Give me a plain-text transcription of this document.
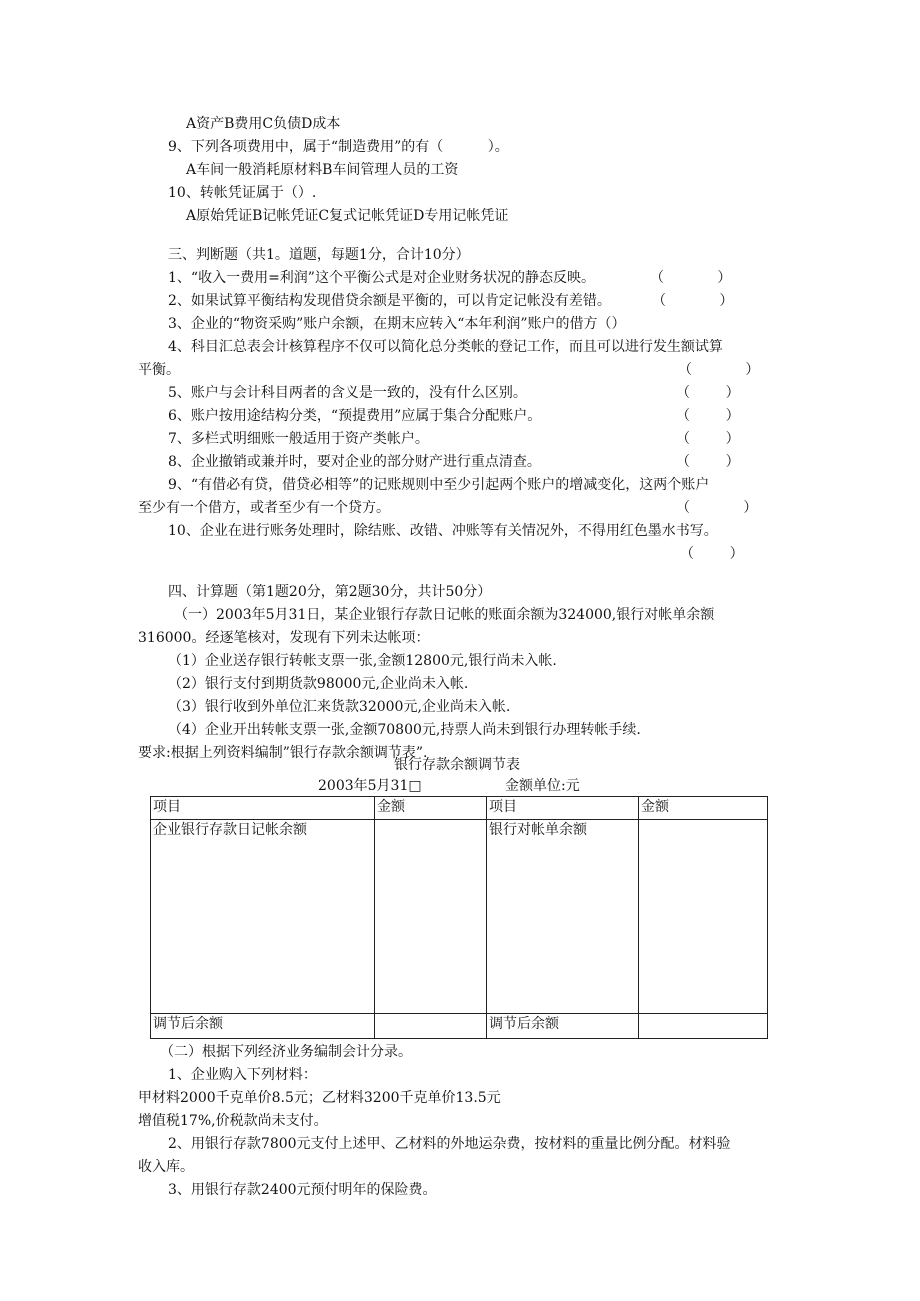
A资产B费用C负债D成本
9、下列各项费用中，属于“制造费用”的有（          ）。
A车间一般消耗原材料B车间管理人员的工资
10、转帐凭证属于（）.
A原始凭证B记帐凭证C复式记帐凭证D专用记帐凭证
三、判断题（共1。道题，每题1分，合计10分）
1、“收入一费用=利润”这个平衡公式是对企业财务状况的静态反映。	（            ）
2、如果试算平衡结构发现借贷余额是平衡的，可以肯定记帐没有差错。	（            ）
3、企业的“物资采购”账户余额，在期末应转入“本年利润”账户的借方（）
4、科目汇总表会计核算程序不仅可以简化总分类帐的登记工作，而且可以进行发生额试算
平衡。	（            ）
5、账户与会计科目两者的含义是一致的，没有什么区别。	（        ）
6、账户按用途结构分类，“预提费用”应属于集合分配账户。	（        ）
7、多栏式明细账一般适用于资产类帐户。	（        ）
8、企业撤销或兼并时，要对企业的部分财产进行重点清查。	（        ）
9、“有借必有贷，借贷必相等”的记账规则中至少引起两个账户的增减变化，这两个账户
至少有一个借方，或者至少有一个贷方。	（            ）
10、企业在进行账务处理时，除结账、改错、冲账等有关情况外，不得用红色墨水书写。
（        ）
四、计算题（第1题20分，第2题30分，共计50分）
（一）2003年5月31日，某企业银行存款日记帐的账面余额为324000,银行对帐单余额
316000。经逐笔核对，发现有下列未达帐项：
（1）企业送存银行转帐支票一张,金额12800元,银行尚未入帐.
（2）银行支付到期货款98000元,企业尚未入帐.
（3）银行收到外单位汇来货款32000元,企业尚未入帐.
（4）企业开出转帐支票一张,金额70800元,持票人尚未到银行办理转帐手续.
要求:根据上列资料编制”银行存款余额调节表”.
银行存款余额调节表
2003年5月31□	金额单位:元
项目	金额	项目	金额
企业银行存款日记帐余额		银行对帐单余额	
调节后余额		调节后余额	
（二）根据下列经济业务编制会计分录。
1、企业购入下列材料：
甲材料2000千克单价8.5元；乙材料3200千克单价13.5元
增值税17%,价税款尚未支付。
2、用银行存款7800元支付上述甲、乙材料的外地运杂费，按材料的重量比例分配。材料验
收入库。
3、用银行存款2400元预付明年的保险费。
